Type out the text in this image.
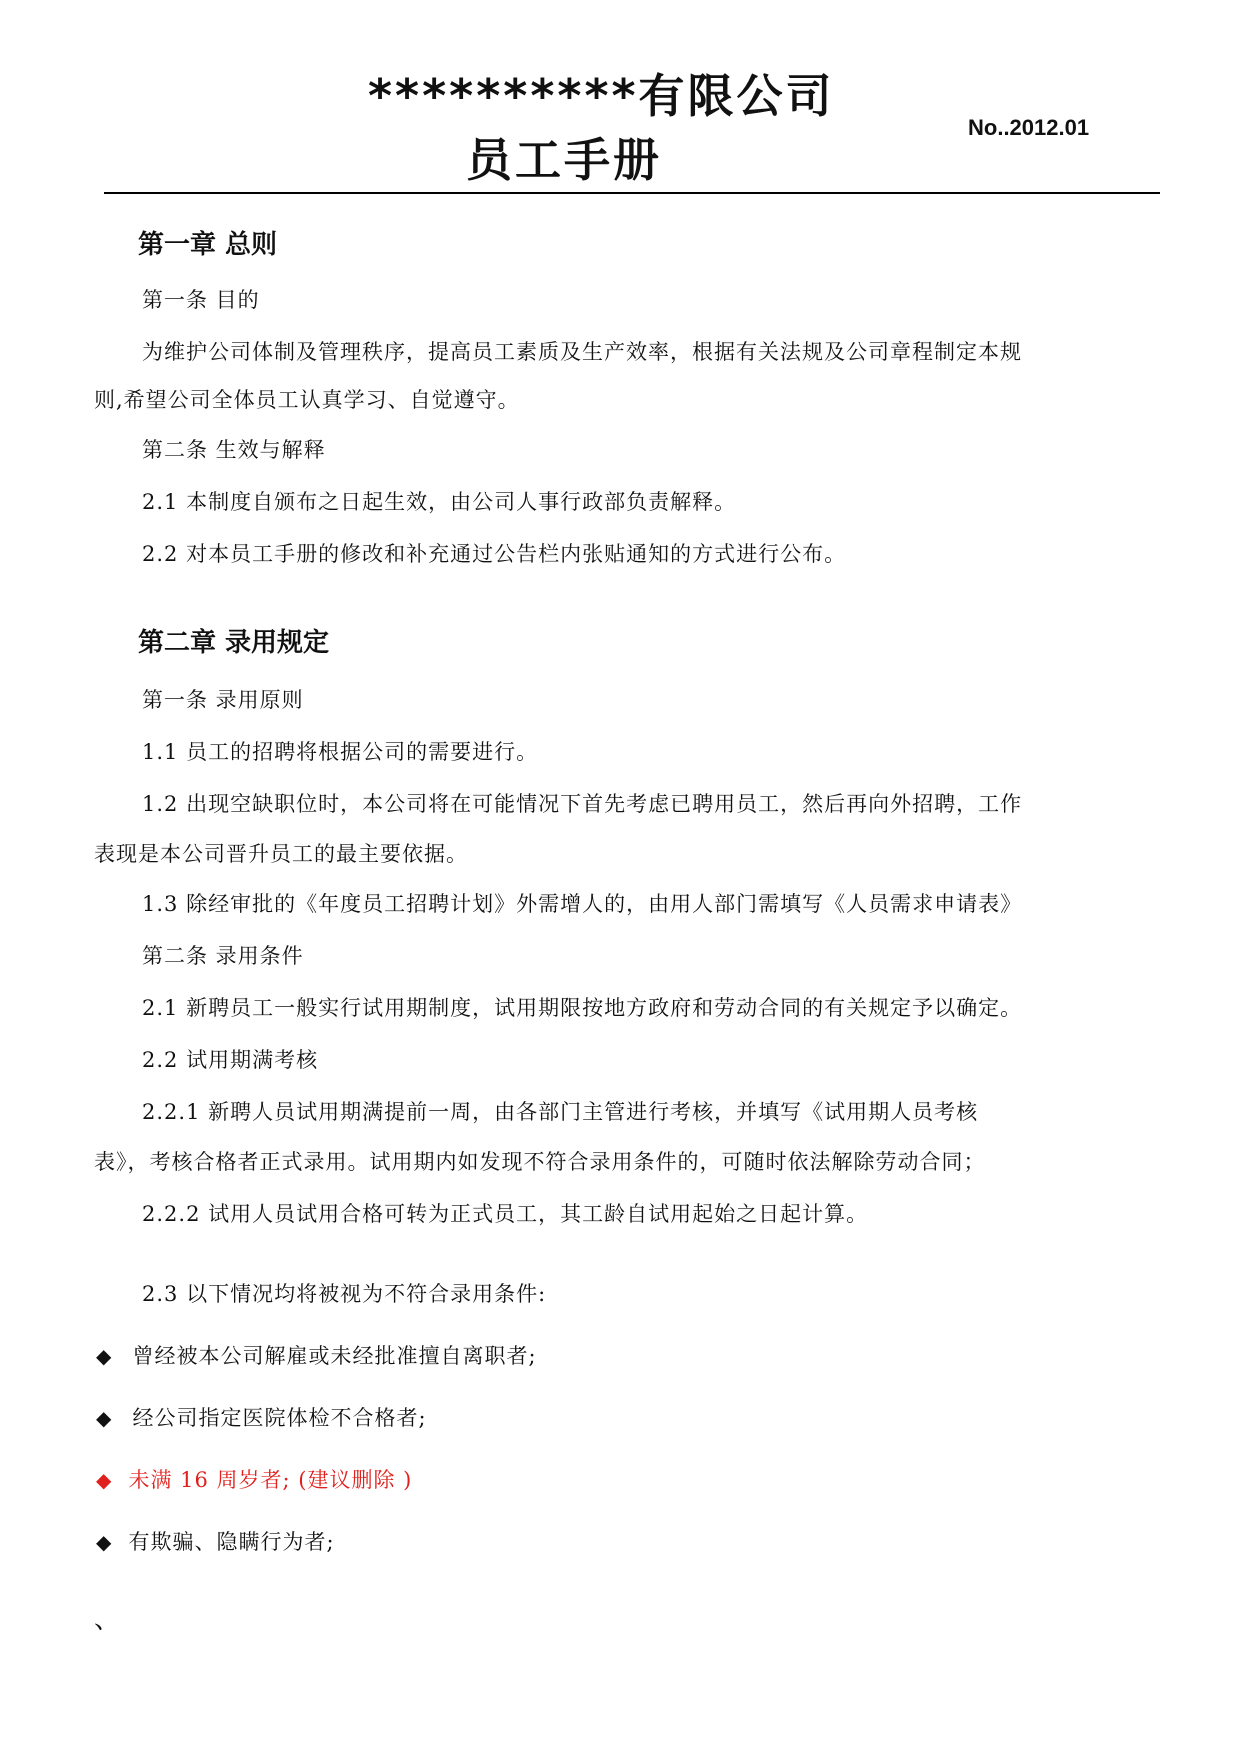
**********有限公司
员工手册
No..2012.01
第一章 总则
第一条 目的
为维护公司体制及管理秩序，提高员工素质及生产效率，根据有关法规及公司章程制定本规
则,希望公司全体员工认真学习、自觉遵守。
第二条 生效与解释
2.1 本制度自颁布之日起生效，由公司人事行政部负责解释。
2.2 对本员工手册的修改和补充通过公告栏内张贴通知的方式进行公布。
第二章 录用规定
第一条 录用原则
1.1 员工的招聘将根据公司的需要进行。
1.2 出现空缺职位时，本公司将在可能情况下首先考虑已聘用员工，然后再向外招聘，工作
表现是本公司晋升员工的最主要依据。
1.3 除经审批的《年度员工招聘计划》外需增人的，由用人部门需填写《人员需求申请表》
第二条 录用条件
2.1 新聘员工一般实行试用期制度，试用期限按地方政府和劳动合同的有关规定予以确定。
2.2 试用期满考核
2.2.1 新聘人员试用期满提前一周，由各部门主管进行考核，并填写《试用期人员考核
表》，考核合格者正式录用。试用期内如发现不符合录用条件的，可随时依法解除劳动合同；
2.2.2 试用人员试用合格可转为正式员工，其工龄自试用起始之日起计算。
2.3 以下情况均将被视为不符合录用条件:
◆ 曾经被本公司解雇或未经批准擅自离职者;
◆ 经公司指定医院体检不合格者;
◆ 未满 16 周岁者; (建议删除 )
◆ 有欺骗、隐瞒行为者;
、
